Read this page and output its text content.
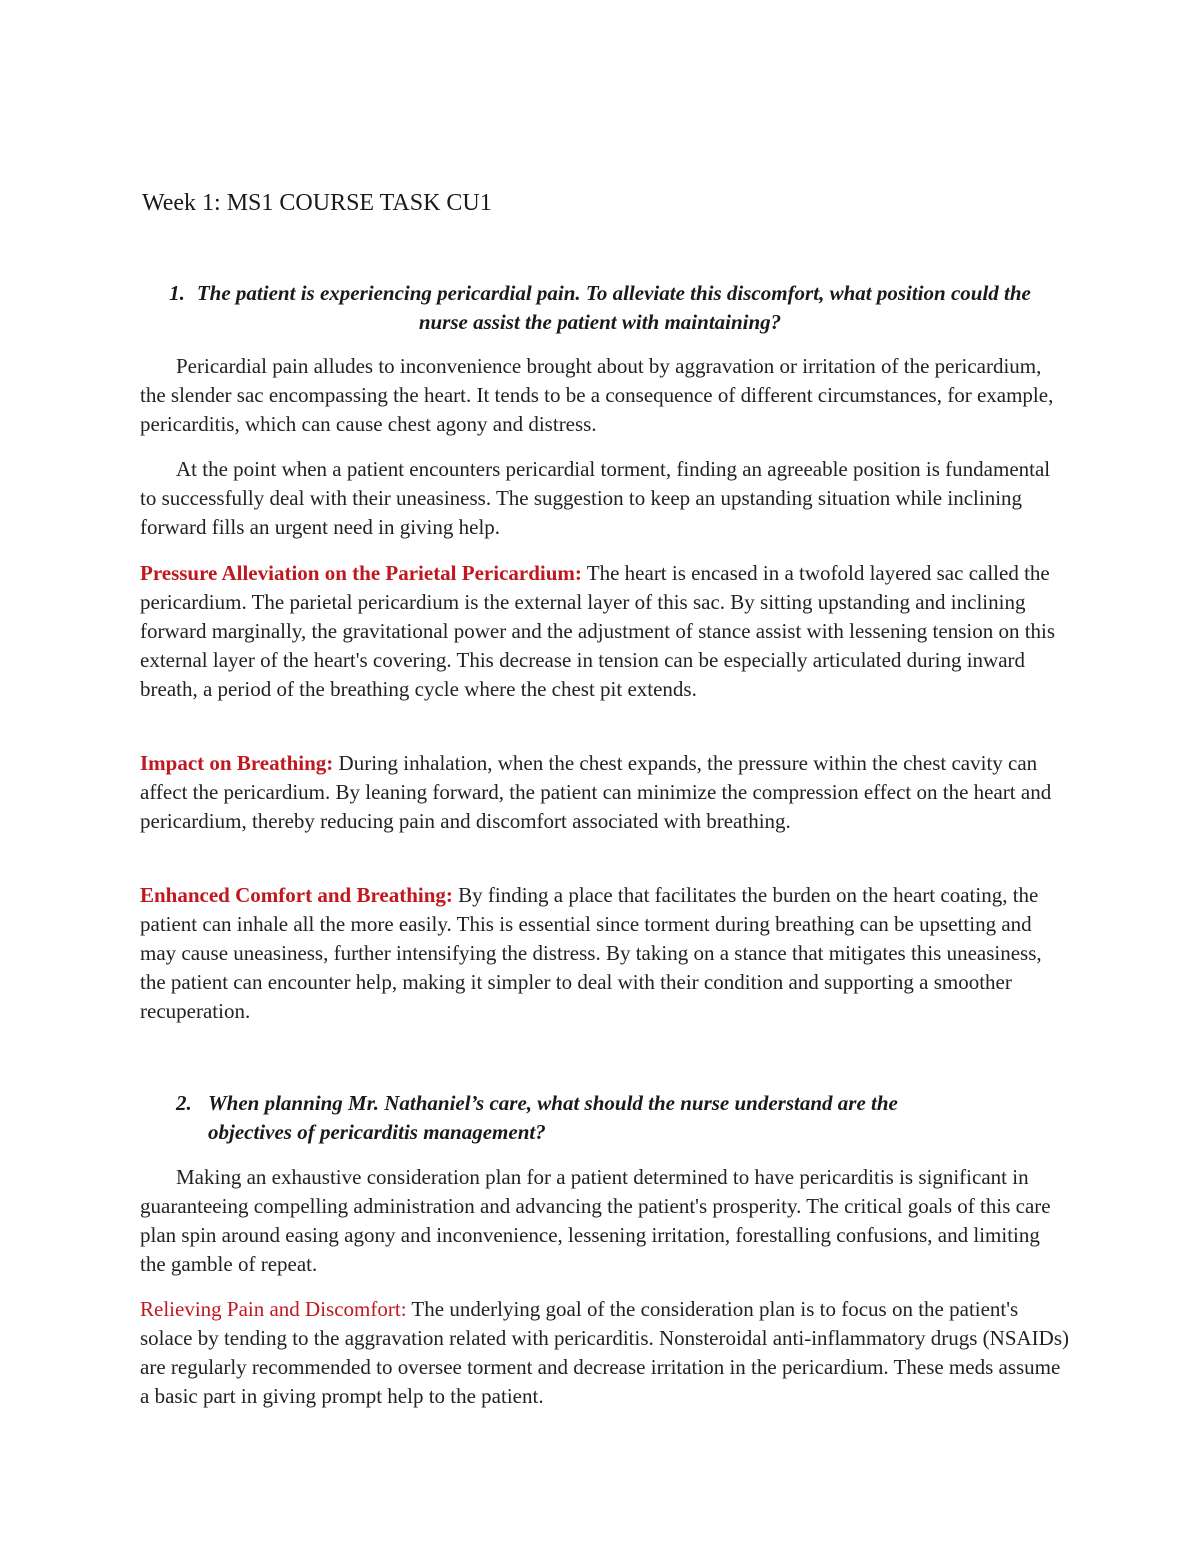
Week 1: MS1 COURSE TASK CU1

1. The patient is experiencing pericardial pain. To alleviate this discomfort, what position could the nurse assist the patient with maintaining?

Pericardial pain alludes to inconvenience brought about by aggravation or irritation of the pericardium, the slender sac encompassing the heart. It tends to be a consequence of different circumstances, for example, pericarditis, which can cause chest agony and distress.

At the point when a patient encounters pericardial torment, finding an agreeable position is fundamental to successfully deal with their uneasiness. The suggestion to keep an upstanding situation while inclining forward fills an urgent need in giving help.

Pressure Alleviation on the Parietal Pericardium: The heart is encased in a twofold layered sac called the pericardium. The parietal pericardium is the external layer of this sac. By sitting upstanding and inclining forward marginally, the gravitational power and the adjustment of stance assist with lessening tension on this external layer of the heart's covering. This decrease in tension can be especially articulated during inward breath, a period of the breathing cycle where the chest pit extends.

Impact on Breathing: During inhalation, when the chest expands, the pressure within the chest cavity can affect the pericardium. By leaning forward, the patient can minimize the compression effect on the heart and pericardium, thereby reducing pain and discomfort associated with breathing.

Enhanced Comfort and Breathing: By finding a place that facilitates the burden on the heart coating, the patient can inhale all the more easily. This is essential since torment during breathing can be upsetting and may cause uneasiness, further intensifying the distress. By taking on a stance that mitigates this uneasiness, the patient can encounter help, making it simpler to deal with their condition and supporting a smoother recuperation.

2. When planning Mr. Nathaniel’s care, what should the nurse understand are the
objectives of pericarditis management?

Making an exhaustive consideration plan for a patient determined to have pericarditis is significant in guaranteeing compelling administration and advancing the patient's prosperity. The critical goals of this care plan spin around easing agony and inconvenience, lessening irritation, forestalling confusions, and limiting the gamble of repeat.

Relieving Pain and Discomfort: The underlying goal of the consideration plan is to focus on the patient's solace by tending to the aggravation related with pericarditis. Nonsteroidal anti-inflammatory drugs (NSAIDs) are regularly recommended to oversee torment and decrease irritation in the pericardium. These meds assume a basic part in giving prompt help to the patient.
